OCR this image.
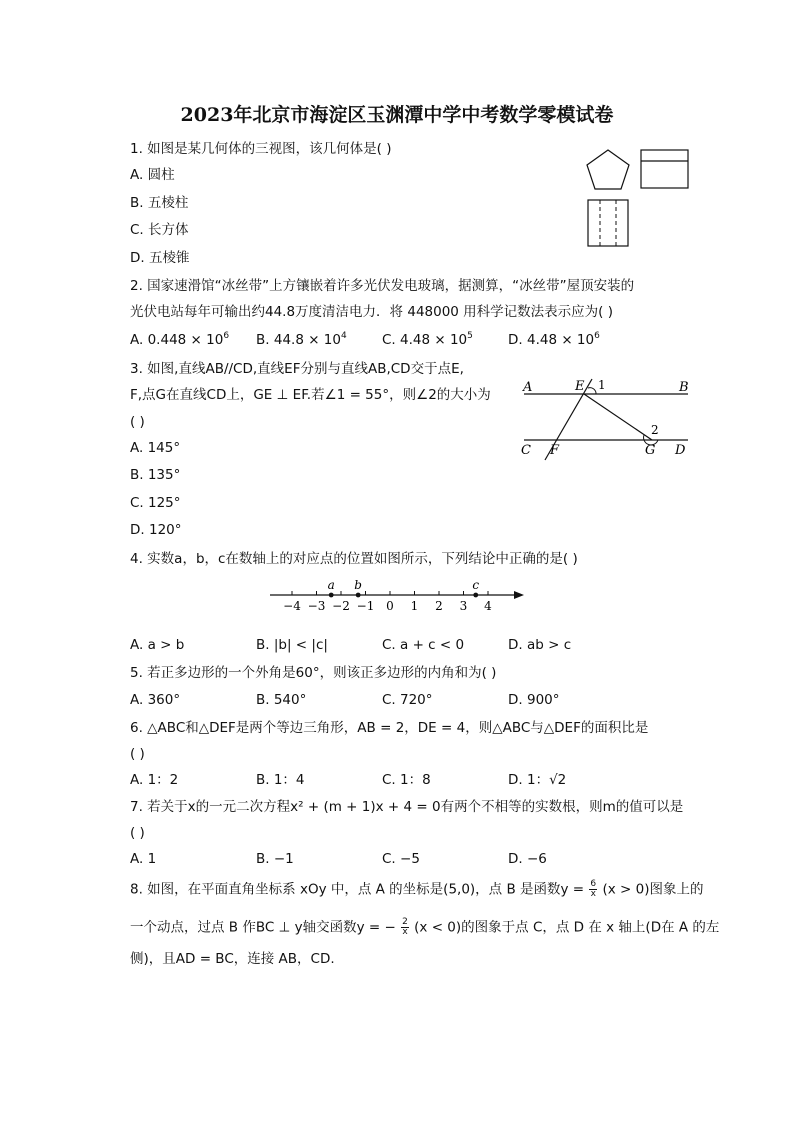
2023年北京市海淀区玉渊潭中学中考数学零模试卷
1. 如图是某几何体的三视图，该几何体是( )
A. 圆柱
B. 五棱柱
C. 长方体
D. 五棱锥
2. 国家速滑馆“冰丝带”上方镶嵌着许多光伏发电玻璃，据测算，“冰丝带”屋顶安装的
光伏电站每年可输出约44.8万度清洁电力．将 448000 用科学记数法表示应为( )
A. $0.448 \times 10^6$ B. $44.8 \times 10^4$	C. $4.48 \times 10^5$	D. $4.48 \times 10^6$
3. 如图,直线AB//CD,直线EF分别与直线AB,CD交于点E,
F,点G在直线CD上，GE ⊥ EF.若∠1 = 55°，则∠2的大小为
( )
A. 145°
B. 135°
C. 125°
D. 120°
A	E 1	B
2
C F	G D
4. 实数a，b，c在数轴上的对应点的位置如图所示，下列结论中正确的是( )
−4 −3 −2 −1 0 1 2 3 4
a b	c
A. a > b	B. |b| < |c|	C. a + c < 0	D. ab > c
5. 若正多边形的一个外角是60°，则该正多边形的内角和为( )
A. 360°	B. 540°	C. 720°	D. 900°
6. △ABC和△DEF是两个等边三角形，AB = 2，DE = 4，则△ABC与△DEF的面积比是
( )
A. 1：2	B. 1：4	C. 1：8	D. 1：√2
7. 若关于x的一元二次方程x² + (m + 1)x + 4 = 0有两个不相等的实数根，则m的值可以是
( )
A. 1	B. −1	C. −5	D. −6
8. 如图，在平面直角坐标系 xOy 中，点 A 的坐标是(5,0)，点 B 是函数$y = \frac{6}{x} (x > 0)$图象上的
一个动点，过点 B 作BC ⊥ y轴交函数y = − $\frac{2}{x} (x < 0)$的图象于点 C，点 D 在 x 轴上(D在 A 的左
侧)，且AD = BC，连接 AB，CD.
